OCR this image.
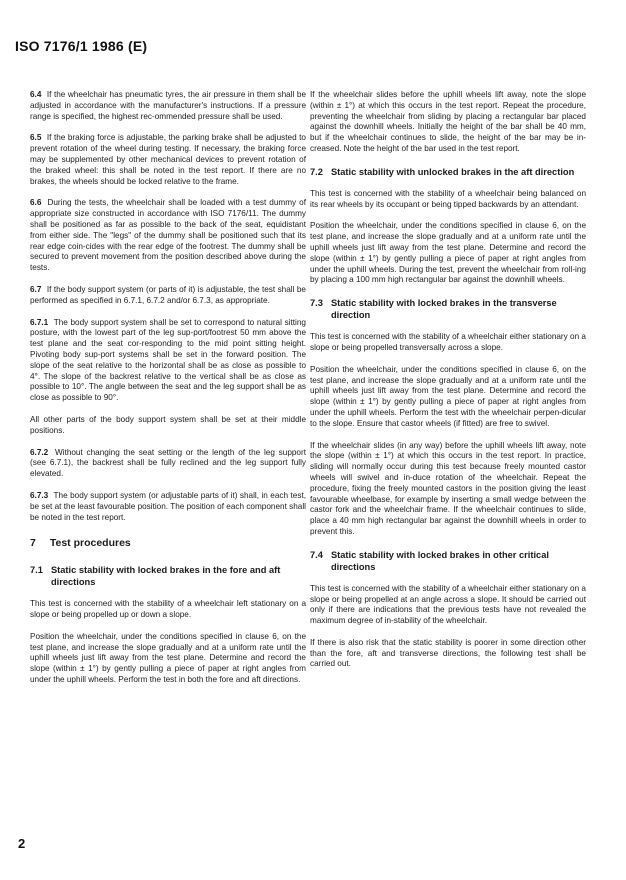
ISO 7176/1 1986 (E)

6.4 If the wheelchair has pneumatic tyres, the air pressure in them shall be adjusted in accordance with the manufacturer's instructions. If a pressure range is specified, the highest rec-ommended pressure shall be used.

6.5 If the braking force is adjustable, the parking brake shall be adjusted to prevent rotation of the wheel during testing. If necessary, the braking force may be supplemented by other mechanical devices to prevent rotation of the braked wheel: this shall be noted in the test report. If there are no brakes, the wheels should be locked relative to the frame.

6.6 During the tests, the wheelchair shall be loaded with a test dummy of appropriate size constructed in accordance with ISO 7176/11. The dummy shall be positioned as far as possible to the back of the seat, equidistant from either side. The "legs" of the dummy shall be positioned such that its rear edge coin-cides with the rear edge of the footrest. The dummy shall be secured to prevent movement from the position described above during the tests.

6.7 If the body support system (or parts of it) is adjustable, the test shall be performed as specified in 6.7.1, 6.7.2 and/or 6.7.3, as appropriate.

6.7.1 The body support system shall be set to correspond to natural sitting posture, with the lowest part of the leg sup-port/footrest 50 mm above the test plane and the seat cor-responding to the mid point sitting height. Pivoting body sup-port systems shall be set in the forward position. The slope of the seat relative to the horizontal shall be as close as possible to 4°. The slope of the backrest relative to the vertical shall be as close as possible to 10°. The angle between the seat and the leg support shall be as close as possible to 90°.

All other parts of the body support system shall be set at their middle positions.

6.7.2 Without changing the seat setting or the length of the leg support (see 6.7.1), the backrest shall be fully reclined and the leg support fully elevated.

6.7.3 The body support system (or adjustable parts of it) shall, in each test, be set at the least favourable position. The position of each component shall be noted in the test report.

7 Test procedures
7.1 Static stability with locked brakes in the fore and aft directions

This test is concerned with the stability of a wheelchair left stationary on a slope or being propelled up or down a slope.

Position the wheelchair, under the conditions specified in clause 6, on the test plane, and increase the slope gradually and at a uniform rate until the uphill wheels just lift away from the test plane. Determine and record the slope (within ± 1°) by gently pulling a piece of paper at right angles from under the uphill wheels. Perform the test in both the fore and aft directions.

If the wheelchair slides before the uphill wheels lift away, note the slope (within ± 1°) at which this occurs in the test report. Repeat the procedure, preventing the wheelchair from sliding by placing a rectangular bar placed against the downhill wheels. Initially the height of the bar shall be 40 mm, but if the wheelchair continues to slide, the height of the bar may be in-creased. Note the height of the bar used in the test report.

7.2 Static stability with unlocked brakes in the aft direction

This test is concerned with the stability of a wheelchair being balanced on its rear wheels by its occupant or being tipped backwards by an attendant.

Position the wheelchair, under the conditions specified in clause 6, on the test plane, and increase the slope gradually and at a uniform rate until the uphill wheels just lift away from the test plane. Determine and record the slope (within ± 1°) by gently pulling a piece of paper at right angles from under the uphill wheels. During the test, prevent the wheelchair from roll-ing by placing a 100 mm high rectangular bar against the downhill wheels.

7.3 Static stability with locked brakes in the transverse direction

This test is concerned with the stability of a wheelchair either stationary on a slope or being propelled transversally across a slope.

Position the wheelchair, under the conditions specified in clause 6, on the test plane, and increase the slope gradually and at a uniform rate until the uphill wheels just lift away from the test plane. Determine and record the slope (within ± 1°) by gently pulling a piece of paper at right angles from under the uphill wheels. Perform the test with the wheelchair perpen-dicular to the slope. Ensure that castor wheels (if fitted) are free to swivel.

If the wheelchair slides (in any way) before the uphill wheels lift away, note the slope (within ± 1°) at which this occurs in the test report. In practice, sliding will normally occur during this test because freely mounted castor wheels will swivel and in-duce rotation of the wheelchair. Repeat the procedure, fixing the freely mounted castors in the position giving the least favourable wheelbase, for example by inserting a small wedge between the castor fork and the wheelchair frame. If the wheelchair continues to slide, place a 40 mm high rectangular bar against the downhill wheels in order to prevent this.

7.4 Static stability with locked brakes in other critical directions

This test is concerned with the stability of a wheelchair either stationary on a slope or being propelled at an angle across a slope. It should be carried out only if there are indications that the previous tests have not revealed the maximum degree of in-stability of the wheelchair.

If there is also risk that the static stability is poorer in some direction other than the fore, aft and transverse directions, the following test shall be carried out.

2
